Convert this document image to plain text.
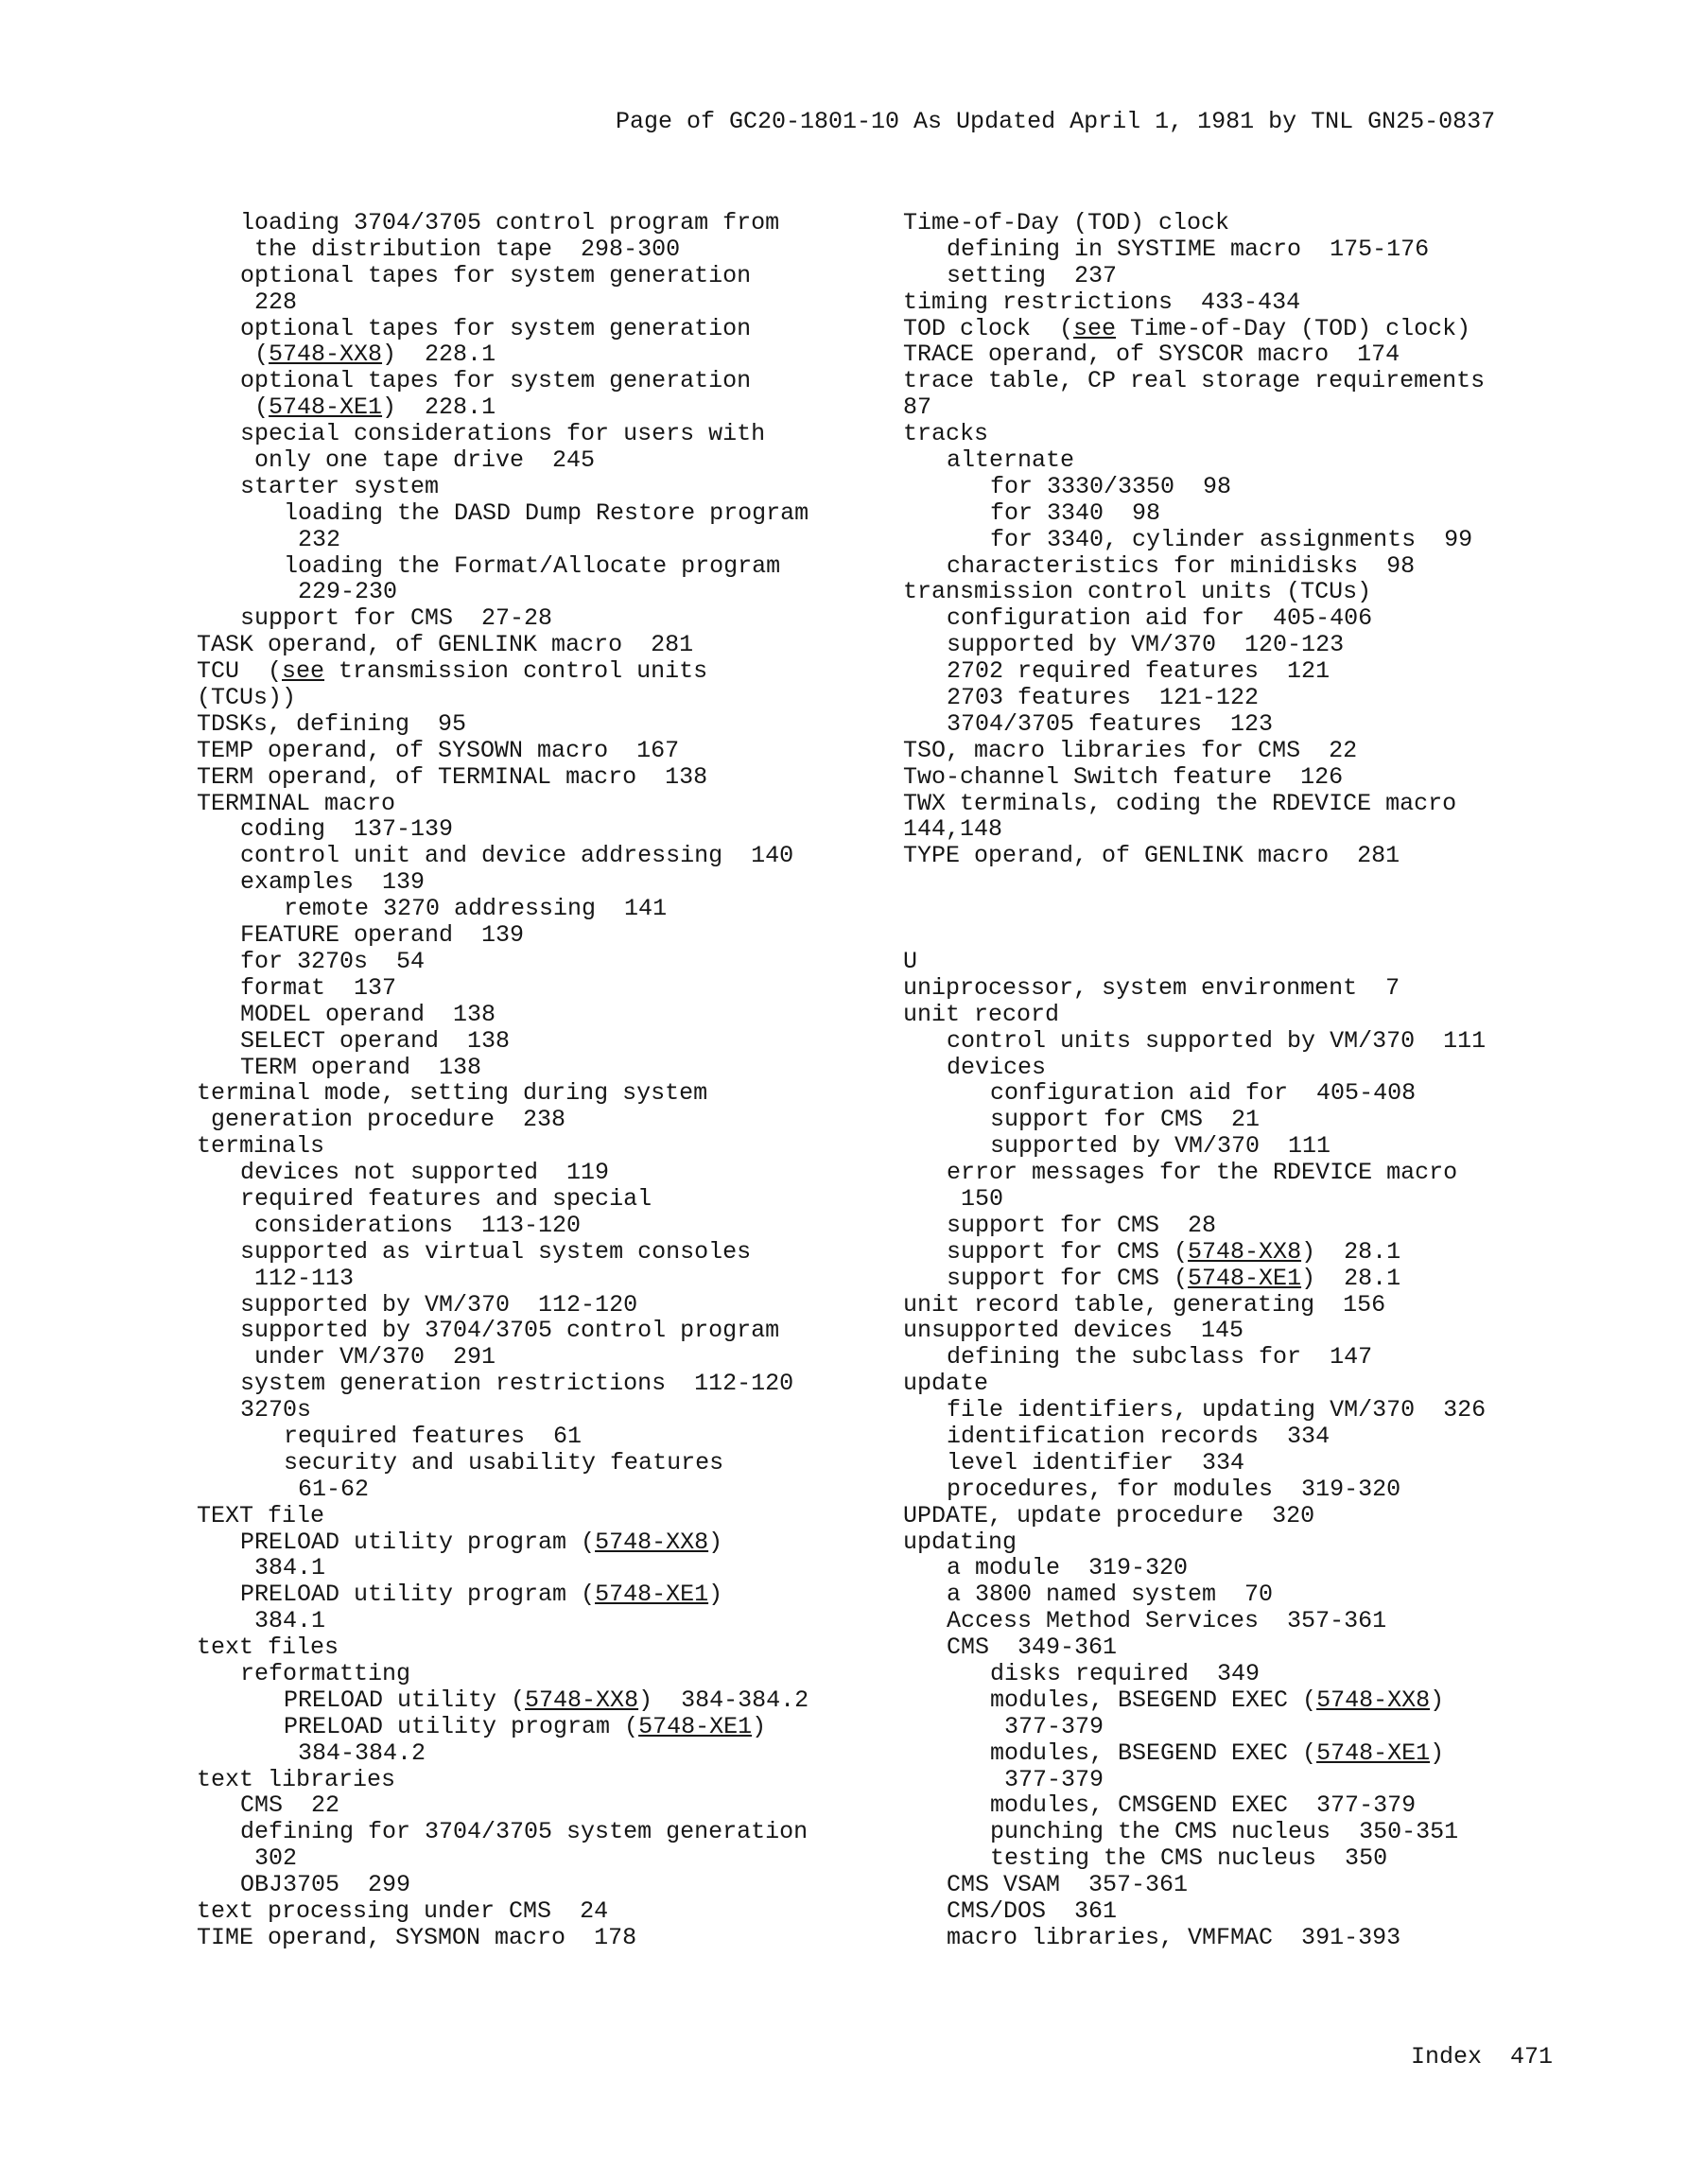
Page of GC20-1801-10 As Updated April 1, 1981 by TNL GN25-0837
loading 3704/3705 control program from
the distribution tape  298-300
optional tapes for system generation
228
optional tapes for system generation
(5748-XX8)  228.1
optional tapes for system generation
(5748-XE1)  228.1
special considerations for users with
only one tape drive  245
starter system
loading the DASD Dump Restore program
232
loading the Format/Allocate program
229-230
support for CMS  27-28
TASK operand, of GENLINK macro  281
TCU  (see transmission control units
(TCUs))
TDSKs, defining  95
TEMP operand, of SYSOWN macro  167
TERM operand, of TERMINAL macro  138
TERMINAL macro
coding  137-139
control unit and device addressing  140
examples  139
remote 3270 addressing  141
FEATURE operand  139
for 3270s  54
format  137
MODEL operand  138
SELECT operand  138
TERM operand  138
terminal mode, setting during system
generation procedure  238
terminals
devices not supported  119
required features and special
considerations  113-120
supported as virtual system consoles
112-113
supported by VM/370  112-120
supported by 3704/3705 control program
under VM/370  291
system generation restrictions  112-120
3270s
required features  61
security and usability features
61-62
TEXT file
PRELOAD utility program (5748-XX8)
384.1
PRELOAD utility program (5748-XE1)
384.1
text files
reformatting
PRELOAD utility (5748-XX8)  384-384.2
PRELOAD utility program (5748-XE1)
384-384.2
text libraries
CMS  22
defining for 3704/3705 system generation
302
OBJ3705  299
text processing under CMS  24
TIME operand, SYSMON macro  178
Time-of-Day (TOD) clock
defining in SYSTIME macro  175-176
setting  237
timing restrictions  433-434
TOD clock  (see Time-of-Day (TOD) clock)
TRACE operand, of SYSCOR macro  174
trace table, CP real storage requirements
87
tracks
alternate
for 3330/3350  98
for 3340  98
for 3340, cylinder assignments  99
characteristics for minidisks  98
transmission control units (TCUs)
configuration aid for  405-406
supported by VM/370  120-123
2702 required features  121
2703 features  121-122
3704/3705 features  123
TSO, macro libraries for CMS  22
Two-channel Switch feature  126
TWX terminals, coding the RDEVICE macro
144,148
TYPE operand, of GENLINK macro  281
U
uniprocessor, system environment  7
unit record
control units supported by VM/370  111
devices
configuration aid for  405-408
support for CMS  21
supported by VM/370  111
error messages for the RDEVICE macro
150
support for CMS  28
support for CMS (5748-XX8)  28.1
support for CMS (5748-XE1)  28.1
unit record table, generating  156
unsupported devices  145
defining the subclass for  147
update
file identifiers, updating VM/370  326
identification records  334
level identifier  334
procedures, for modules  319-320
UPDATE, update procedure  320
updating
a module  319-320
a 3800 named system  70
Access Method Services  357-361
CMS  349-361
disks required  349
modules, BSEGEND EXEC (5748-XX8)
377-379
modules, BSEGEND EXEC (5748-XE1)
377-379
modules, CMSGEND EXEC  377-379
punching the CMS nucleus  350-351
testing the CMS nucleus  350
CMS VSAM  357-361
CMS/DOS  361
macro libraries, VMFMAC  391-393
Index  471
